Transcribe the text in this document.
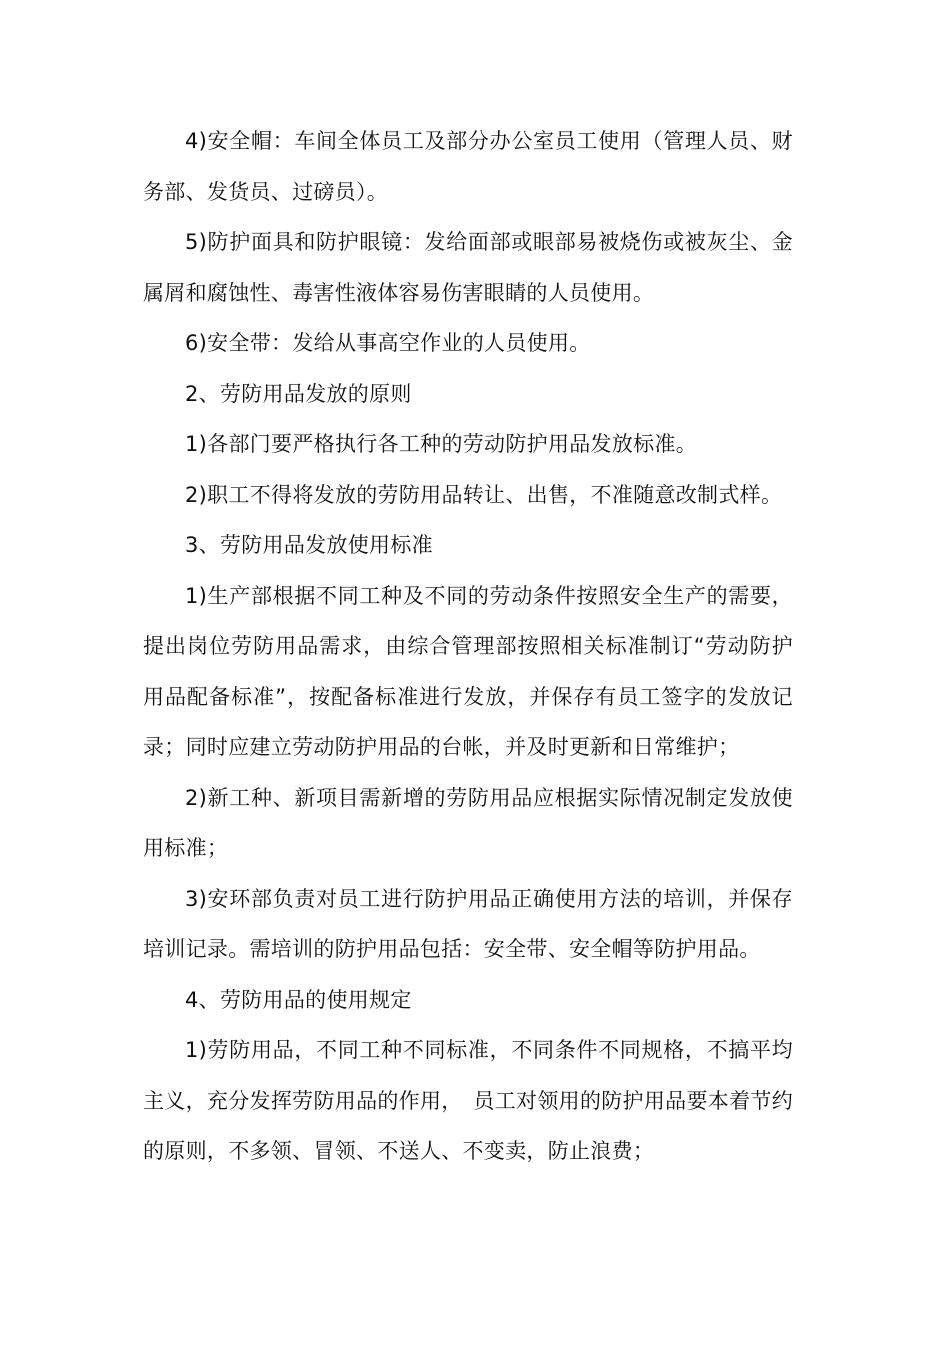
4)安全帽：车间全体员工及部分办公室员工使用（管理人员、财务部、发货员、过磅员）。

5)防护面具和防护眼镜：发给面部或眼部易被烧伤或被灰尘、金属屑和腐蚀性、毒害性液体容易伤害眼睛的人员使用。

6)安全带：发给从事高空作业的人员使用。

2、劳防用品发放的原则

1)各部门要严格执行各工种的劳动防护用品发放标准。

2)职工不得将发放的劳防用品转让、出售，不准随意改制式样。

3、劳防用品发放使用标准

1)生产部根据不同工种及不同的劳动条件按照安全生产的需要，提出岗位劳防用品需求，由综合管理部按照相关标准制订“劳动防护用品配备标准”，按配备标准进行发放，并保存有员工签字的发放记录；同时应建立劳动防护用品的台帐，并及时更新和日常维护；

2)新工种、新项目需新增的劳防用品应根据实际情况制定发放使用标准；

3)安环部负责对员工进行防护用品正确使用方法的培训，并保存培训记录。需培训的防护用品包括：安全带、安全帽等防护用品。

4、劳防用品的使用规定

1)劳防用品，不同工种不同标准，不同条件不同规格，不搞平均主义，充分发挥劳防用品的作用，　员工对领用的防护用品要本着节约的原则，不多领、冒领、不送人、不变卖，防止浪费；
